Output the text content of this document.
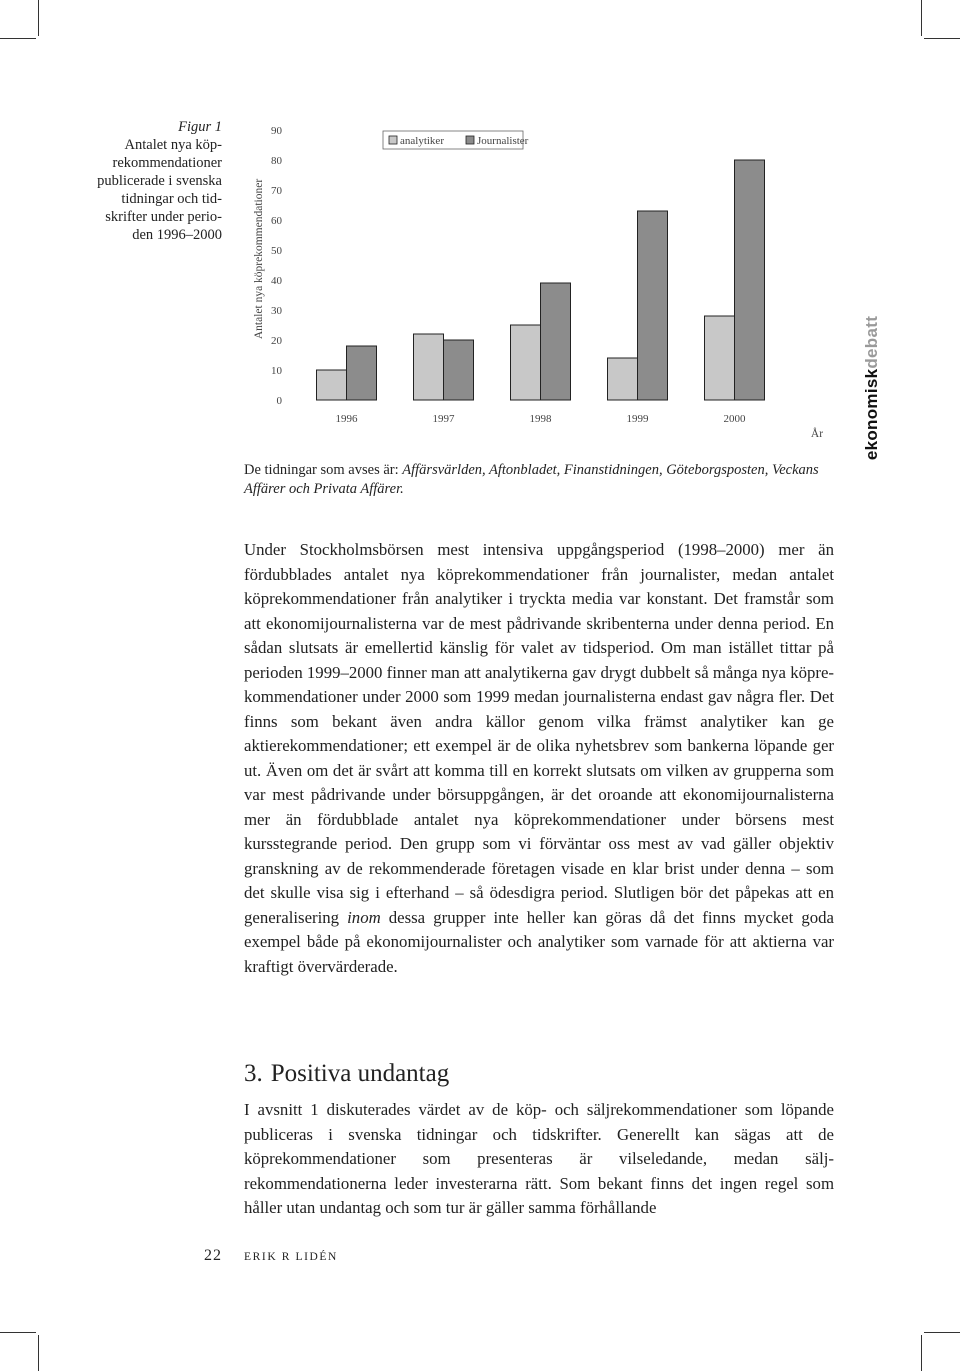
Figur 1
Antalet nya köprekommendationer publicerade i svenska tidningar och tidskrifter under perioden 1996–2000
0
10
20
30
40
50
60
70
80
90
Antalet nya köprekommendationer
1996	1997	1998	1999	2000
År
analytiker	Journalister
ekonomiskdebatt
De tidningar som avses är: Affärsvärlden, Aftonbladet, Finanstidningen, Göteborgsposten, Veckans Affärer och Privata Affärer.
Under Stockholmsbörsen mest intensiva uppgångsperiod (1998–2000) mer än fördubblades antalet nya köprekommendationer från journalister, medan antalet köprekommendationer från analytiker i tryckta media var konstant. Det framstår som att ekonomijournalisterna var de mest pådrivande skribenterna under denna period. En sådan slutsats är emellertid känslig för valet av tidsperiod. Om man istället tittar på perioden 1999–2000 finner man att analytikerna gav drygt dubbelt så många nya köprekommendationer under 2000 som 1999 medan journalisterna endast gav några fler. Det finns som bekant även andra källor genom vilka främst analytiker kan ge aktierekommendationer; ett exempel är de olika nyhetsbrev som bankerna löpande ger ut. Även om det är svårt att komma till en korrekt slutsats om vilken av grupperna som var mest pådrivande under börsuppgången, är det oroande att ekonomijournalisterna mer än fördubblade antalet nya köprekommendationer under börsens mest kursstegrande period. Den grupp som vi förväntar oss mest av vad gäller objektiv granskning av de rekommenderade företagen visade en klar brist under denna – som det skulle visa sig i efterhand – så ödesdigra period. Slutligen bör det påpekas att en generalisering inom dessa grupper inte heller kan göras då det finns mycket goda exempel både på ekonomijournalister och analytiker som varnade för att aktierna var kraftigt övervärderade.
3. Positiva undantag
I avsnitt 1 diskuterades värdet av de köp- och säljrekommendationer som löpande publiceras i svenska tidningar och tidskrifter. Generellt kan sägas att de köprekommendationer som presenteras är vilseledande, medan säljrekommendationerna leder investerarna rätt. Som bekant finns det ingen regel som håller utan undantag och som tur är gäller samma förhållande
22 ERIK R LIDÉN
